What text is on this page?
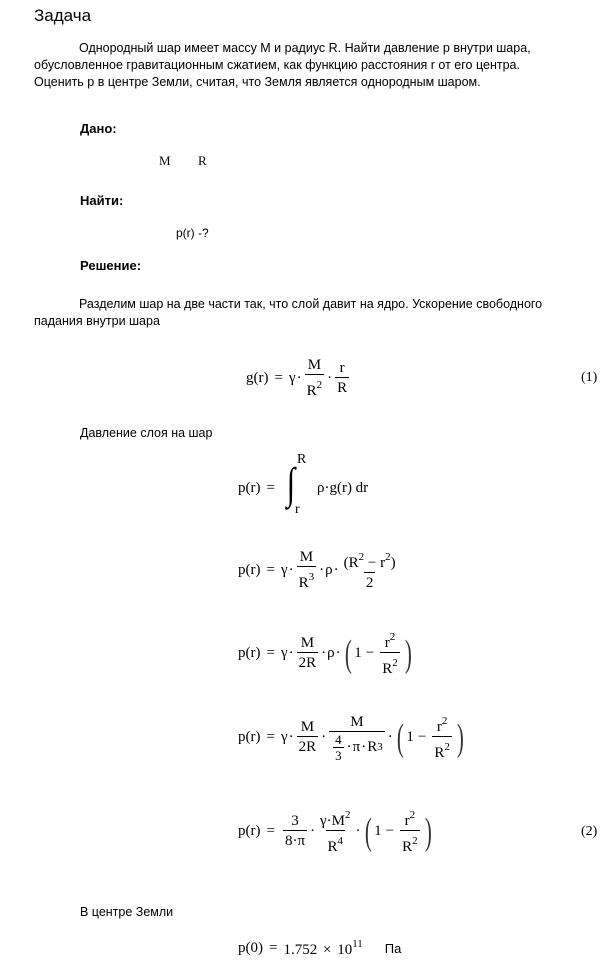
Задача
Однородный шар имеет массу M и радиус R. Найти давление p внутри шара,
обусловленное гравитационным сжатием, как функцию расстояния r от его центра.
Оценить p в центре Земли, считая, что Земля является однородным шаром.
Дано:
M R
Найти:
p(r) -?
Решение:
Разделим шар на две части так, что слой давит на ядро. Ускорение свободного
падания внутри шара
$g(r) = \gamma \cdot \frac{M}{R^2} \cdot \frac{r}{R}$	(1)
Давление слоя на шар
p(r) = ∫ R
r
ρ·g(r) dr
$p(r) = \gamma \cdot \frac{M}{R^3} \cdot \rho \cdot \frac{(R^2 - r^2)}{2}$
$p(r) = \gamma \cdot \frac{M}{2R} \cdot \rho$ · ( $1 - \frac{r^2}{R^2}$ )
$p(r) = \gamma \cdot \frac{M}{2R} \cdot \frac{M}{\frac{4}{3} \cdot \pi \cdot R 3}$ · ( $1 - \frac{r^2}{R^2}$ )
$p(r) = \frac{3}{8\cdot\pi} \cdot \frac{\gamma\cdot M^2}{R^4}$ · ( $1 - \frac{r^2}{R^2}$ )	(2)
В центре Земли
$p(0) = 1.752 \times 10^{11}$ Па
